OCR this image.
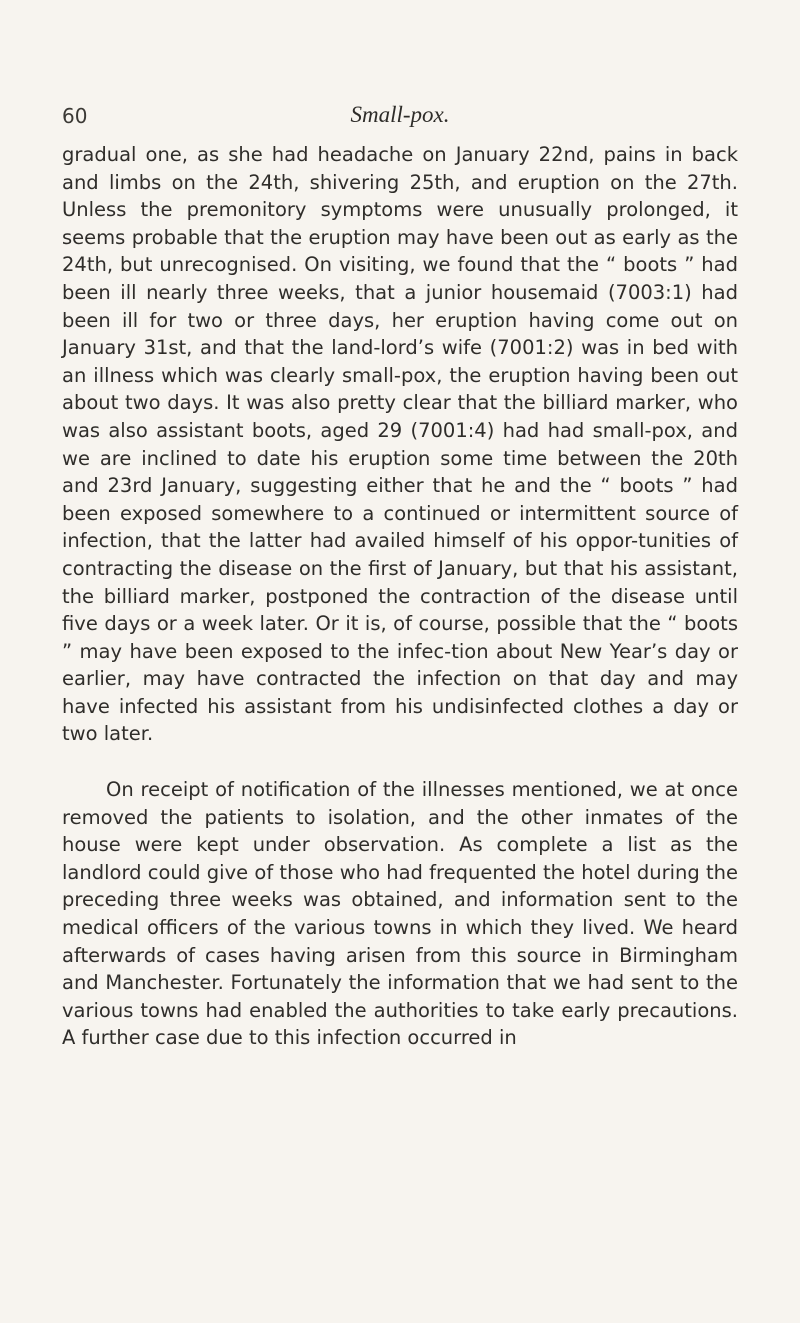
60	Small-pox.

gradual one, as she had headache on January 22nd, pains in back and limbs on the 24th, shivering 25th, and eruption on the 27th. Unless the premonitory symptoms were unusually prolonged, it seems probable that the eruption may have been out as early as the 24th, but unrecognised. On visiting, we found that the “ boots ” had been ill nearly three weeks, that a junior housemaid (7003:1) had been ill for two or three days, her eruption having come out on January 31st, and that the land-lord’s wife (7001:2) was in bed with an illness which was clearly small-pox, the eruption having been out about two days. It was also pretty clear that the billiard marker, who was also assistant boots, aged 29 (7001:4) had had small-pox, and we are inclined to date his eruption some time between the 20th and 23rd January, suggesting either that he and the “ boots ” had been exposed somewhere to a continued or intermittent source of infection, that the latter had availed himself of his oppor-tunities of contracting the disease on the first of January, but that his assistant, the billiard marker, postponed the contraction of the disease until five days or a week later. Or it is, of course, possible that the “ boots ” may have been exposed to the infec-tion about New Year’s day or earlier, may have contracted the infection on that day and may have infected his assistant from his undisinfected clothes a day or two later.

On receipt of notification of the illnesses mentioned, we at once removed the patients to isolation, and the other inmates of the house were kept under observation. As complete a list as the landlord could give of those who had frequented the hotel during the preceding three weeks was obtained, and information sent to the medical officers of the various towns in which they lived. We heard afterwards of cases having arisen from this source in Birmingham and Manchester. Fortunately the information that we had sent to the various towns had enabled the authorities to take early precautions. A further case due to this infection occurred in
